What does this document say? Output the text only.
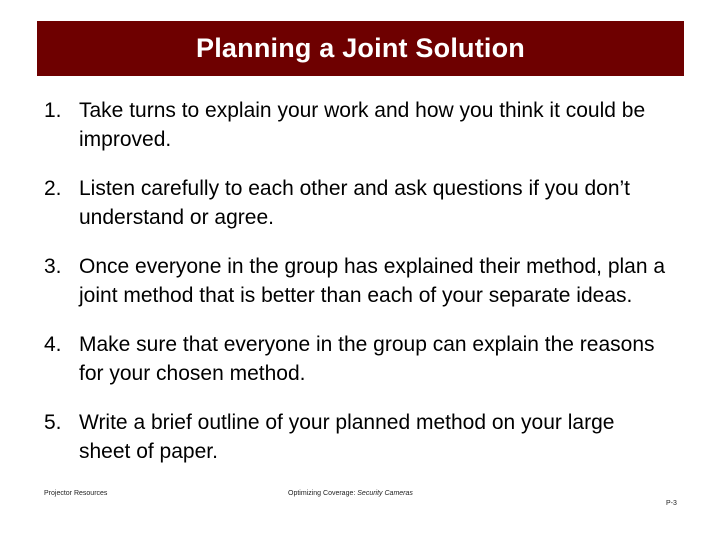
Planning a Joint Solution
1. Take turns to explain your work and how you think it could be improved.
2. Listen carefully to each other and ask questions if you don’t understand or agree.
3. Once everyone in the group has explained their method, plan a joint method that is better than each of your separate ideas.
4. Make sure that everyone in the group can explain the reasons for your chosen method.
5. Write a brief outline of your planned method on your large sheet of paper.
Projector Resources	Optimizing Coverage: Security Cameras
P-3
